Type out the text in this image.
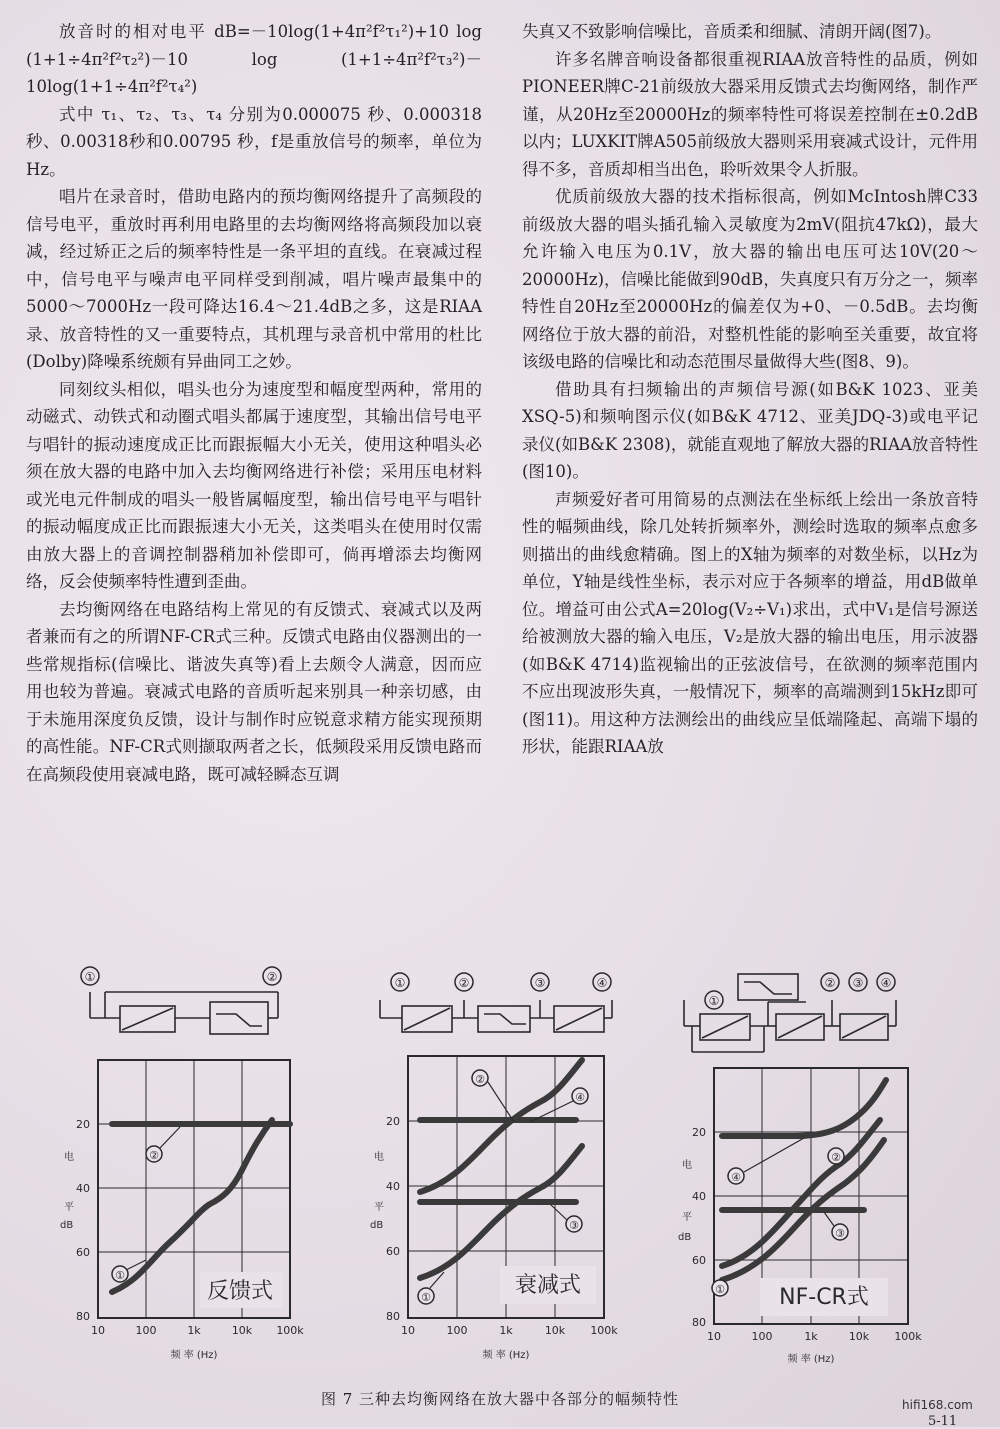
放音时的相对电平 dB=－10log(1+4π²f²τ₁²)+10 log (1+1÷4π²f²τ₂²)－10 log (1+1÷4π²f²τ₃²)－10log(1+1÷4π²f²τ₄²)

式中 τ₁、τ₂、τ₃、τ₄ 分别为0.000075 秒、0.000318秒、0.00318秒和0.00795 秒，f是重放信号的频率，单位为 Hz。

唱片在录音时，借助电路内的预均衡网络提升了高频段的信号电平，重放时再利用电路里的去均衡网络将高频段加以衰减，经过矫正之后的频率特性是一条平坦的直线。在衰减过程中，信号电平与噪声电平同样受到削减，唱片噪声最集中的5000～7000Hz一段可降达16.4～21.4dB之多，这是RIAA录、放音特性的又一重要特点，其机理与录音机中常用的杜比(Dolby)降噪系统颇有异曲同工之妙。

同刻纹头相似，唱头也分为速度型和幅度型两种，常用的动磁式、动铁式和动圈式唱头都属于速度型，其输出信号电平与唱针的振动速度成正比而跟振幅大小无关，使用这种唱头必须在放大器的电路中加入去均衡网络进行补偿；采用压电材料或光电元件制成的唱头一般皆属幅度型，输出信号电平与唱针的振动幅度成正比而跟振速大小无关，这类唱头在使用时仅需由放大器上的音调控制器稍加补偿即可，倘再增添去均衡网络，反会使频率特性遭到歪曲。

去均衡网络在电路结构上常见的有反馈式、衰减式以及两者兼而有之的所谓NF-CR式三种。反馈式电路由仪器测出的一些常规指标(信噪比、谐波失真等)看上去颇令人满意，因而应用也较为普遍。衰减式电路的音质听起来别具一种亲切感，由于未施用深度负反馈，设计与制作时应锐意求精方能实现预期的高性能。NF-CR式则撷取两者之长，低频段采用反馈电路而在高频段使用衰减电路，既可减轻瞬态互调

失真又不致影响信噪比，音质柔和细腻、清朗开阔(图7)。

许多名牌音响设备都很重视RIAA放音特性的品质，例如PIONEER牌C-21前级放大器采用反馈式去均衡网络，制作严谨，从20Hz至20000Hz的频率特性可将误差控制在±0.2dB以内；LUXKIT牌A505前级放大器则采用衰减式设计，元件用得不多，音质却相当出色，聆听效果令人折服。

优质前级放大器的技术指标很高，例如McIntosh牌C33前级放大器的唱头插孔输入灵敏度为2mV(阻抗47kΩ)，最大允许输入电压为0.1V，放大器的输出电压可达10V(20～20000Hz)，信噪比能做到90dB，失真度只有万分之一，频率特性自20Hz至20000Hz的偏差仅为+0、－0.5dB。去均衡网络位于放大器的前沿，对整机性能的影响至关重要，故宜将该级电路的信噪比和动态范围尽量做得大些(图8、9)。

借助具有扫频输出的声频信号源(如B&K 1023、亚美XSQ-5)和频响图示仪(如B&K 4712、亚美JDQ-3)或电平记录仪(如B&K 2308)，就能直观地了解放大器的RIAA放音特性(图10)。

声频爱好者可用简易的点测法在坐标纸上绘出一条放音特性的幅频曲线，除几处转折频率外，测绘时选取的频率点愈多则描出的曲线愈精确。图上的X轴为频率的对数坐标，以Hz为单位，Y轴是线性坐标，表示对应于各频率的增益，用dB做单位。增益可由公式A=20log(V₂÷V₁)求出，式中V₁是信号源送给被测放大器的输入电压，V₂是放大器的输出电压，用示波器(如B&K 4714)监视输出的正弦波信号，在欲测的频率范围内不应出现波形失真，一般情况下，频率的高端测到15kHz即可(图11)。用这种方法测绘出的曲线应呈低端隆起、高端下塌的形状，能跟RIAA放

①	②
②
①
20
40
60
80
电
平
dB
10	100	1k	10k 100k
频 率 (Hz)
反馈式
①	②	③	④
②
④
③
①
20
40
60
80
电
平
dB
10	100	1k	10k 100k
频 率 (Hz)
衰减式
①
② ③ ④
④
②
③
①
20
40
60
80
电
平
dB
10	100	1k	10k 100k
频 率 (Hz)
NF-CR式
图 7 三种去均衡网络在放大器中各部分的幅频特性	hifi168.com
5-11
